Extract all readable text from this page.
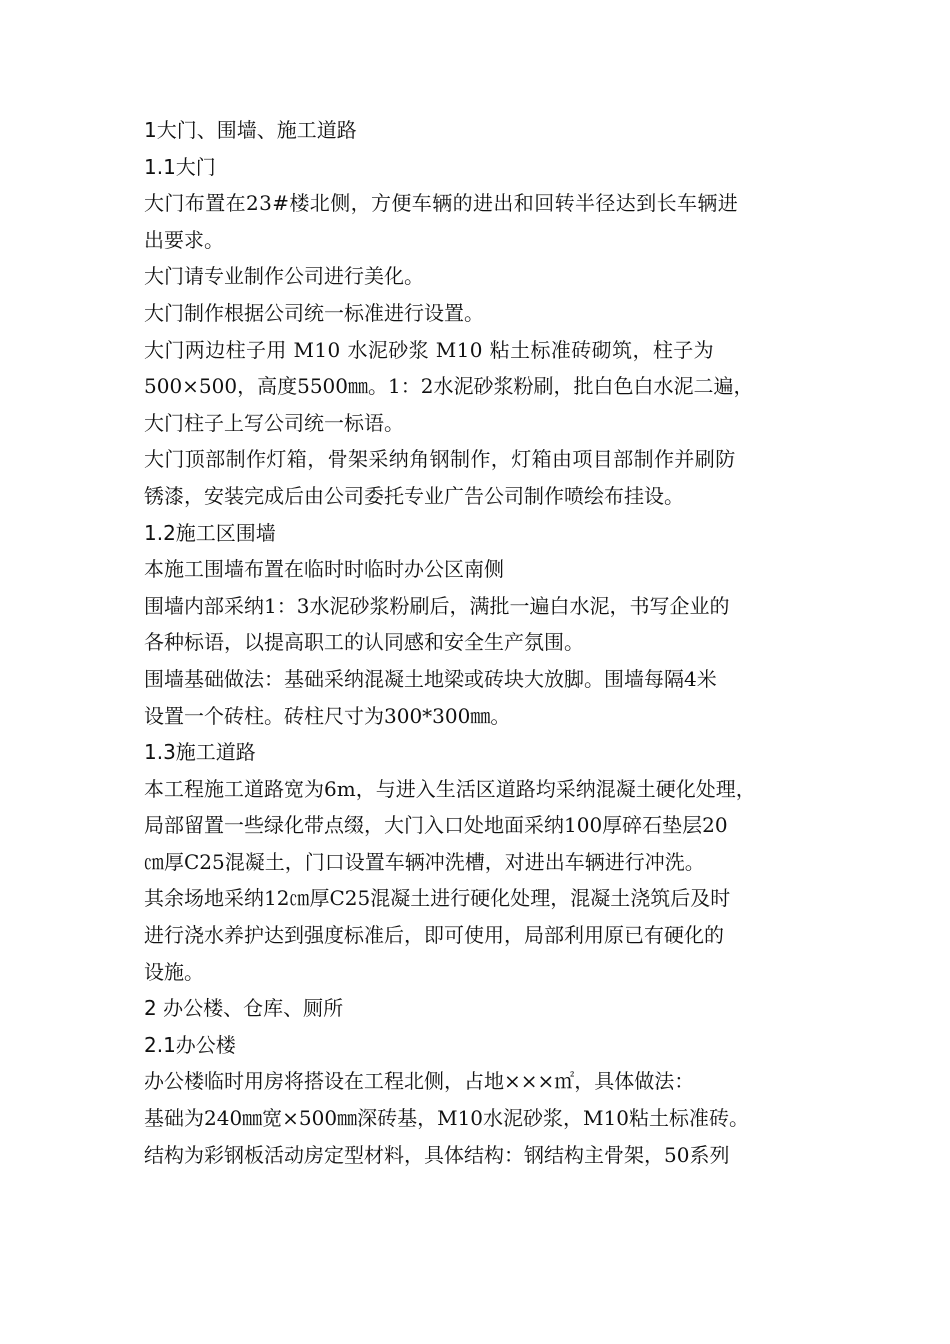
1大门、围墙、施工道路
1.1大门
大门布置在23#楼北侧，方便车辆的进出和回转半径达到长车辆进
出要求。
大门请专业制作公司进行美化。
大门制作根据公司统一标准进行设置。
大门两边柱子用 M10 水泥砂浆 M10 粘土标准砖砌筑，柱子为
500×500，高度5500㎜。1：2水泥砂浆粉刷，批白色白水泥二遍，
大门柱子上写公司统一标语。
大门顶部制作灯箱，骨架采纳角钢制作，灯箱由项目部制作并刷防
锈漆，安装完成后由公司委托专业广告公司制作喷绘布挂设。
1.2施工区围墙
本施工围墙布置在临时时临时办公区南侧
围墙内部采纳1：3水泥砂浆粉刷后，满批一遍白水泥，书写企业的
各种标语，以提高职工的认同感和安全生产氛围。
围墙基础做法：基础采纳混凝土地梁或砖块大放脚。围墙每隔4米
设置一个砖柱。砖柱尺寸为300*300㎜。
1.3施工道路
本工程施工道路宽为6m，与进入生活区道路均采纳混凝土硬化处理，
局部留置一些绿化带点缀，大门入口处地面采纳100厚碎石垫层20
㎝厚C25混凝土，门口设置车辆冲洗槽，对进出车辆进行冲洗。
其余场地采纳12㎝厚C25混凝土进行硬化处理，混凝土浇筑后及时
进行浇水养护达到强度标准后，即可使用，局部利用原已有硬化的
设施。
2 办公楼、仓库、厕所
2.1办公楼
办公楼临时用房将搭设在工程北侧，占地×××㎡，具体做法：
基础为240㎜宽×500㎜深砖基，M10水泥砂浆，M10粘土标准砖。
结构为彩钢板活动房定型材料，具体结构：钢结构主骨架，50系列
